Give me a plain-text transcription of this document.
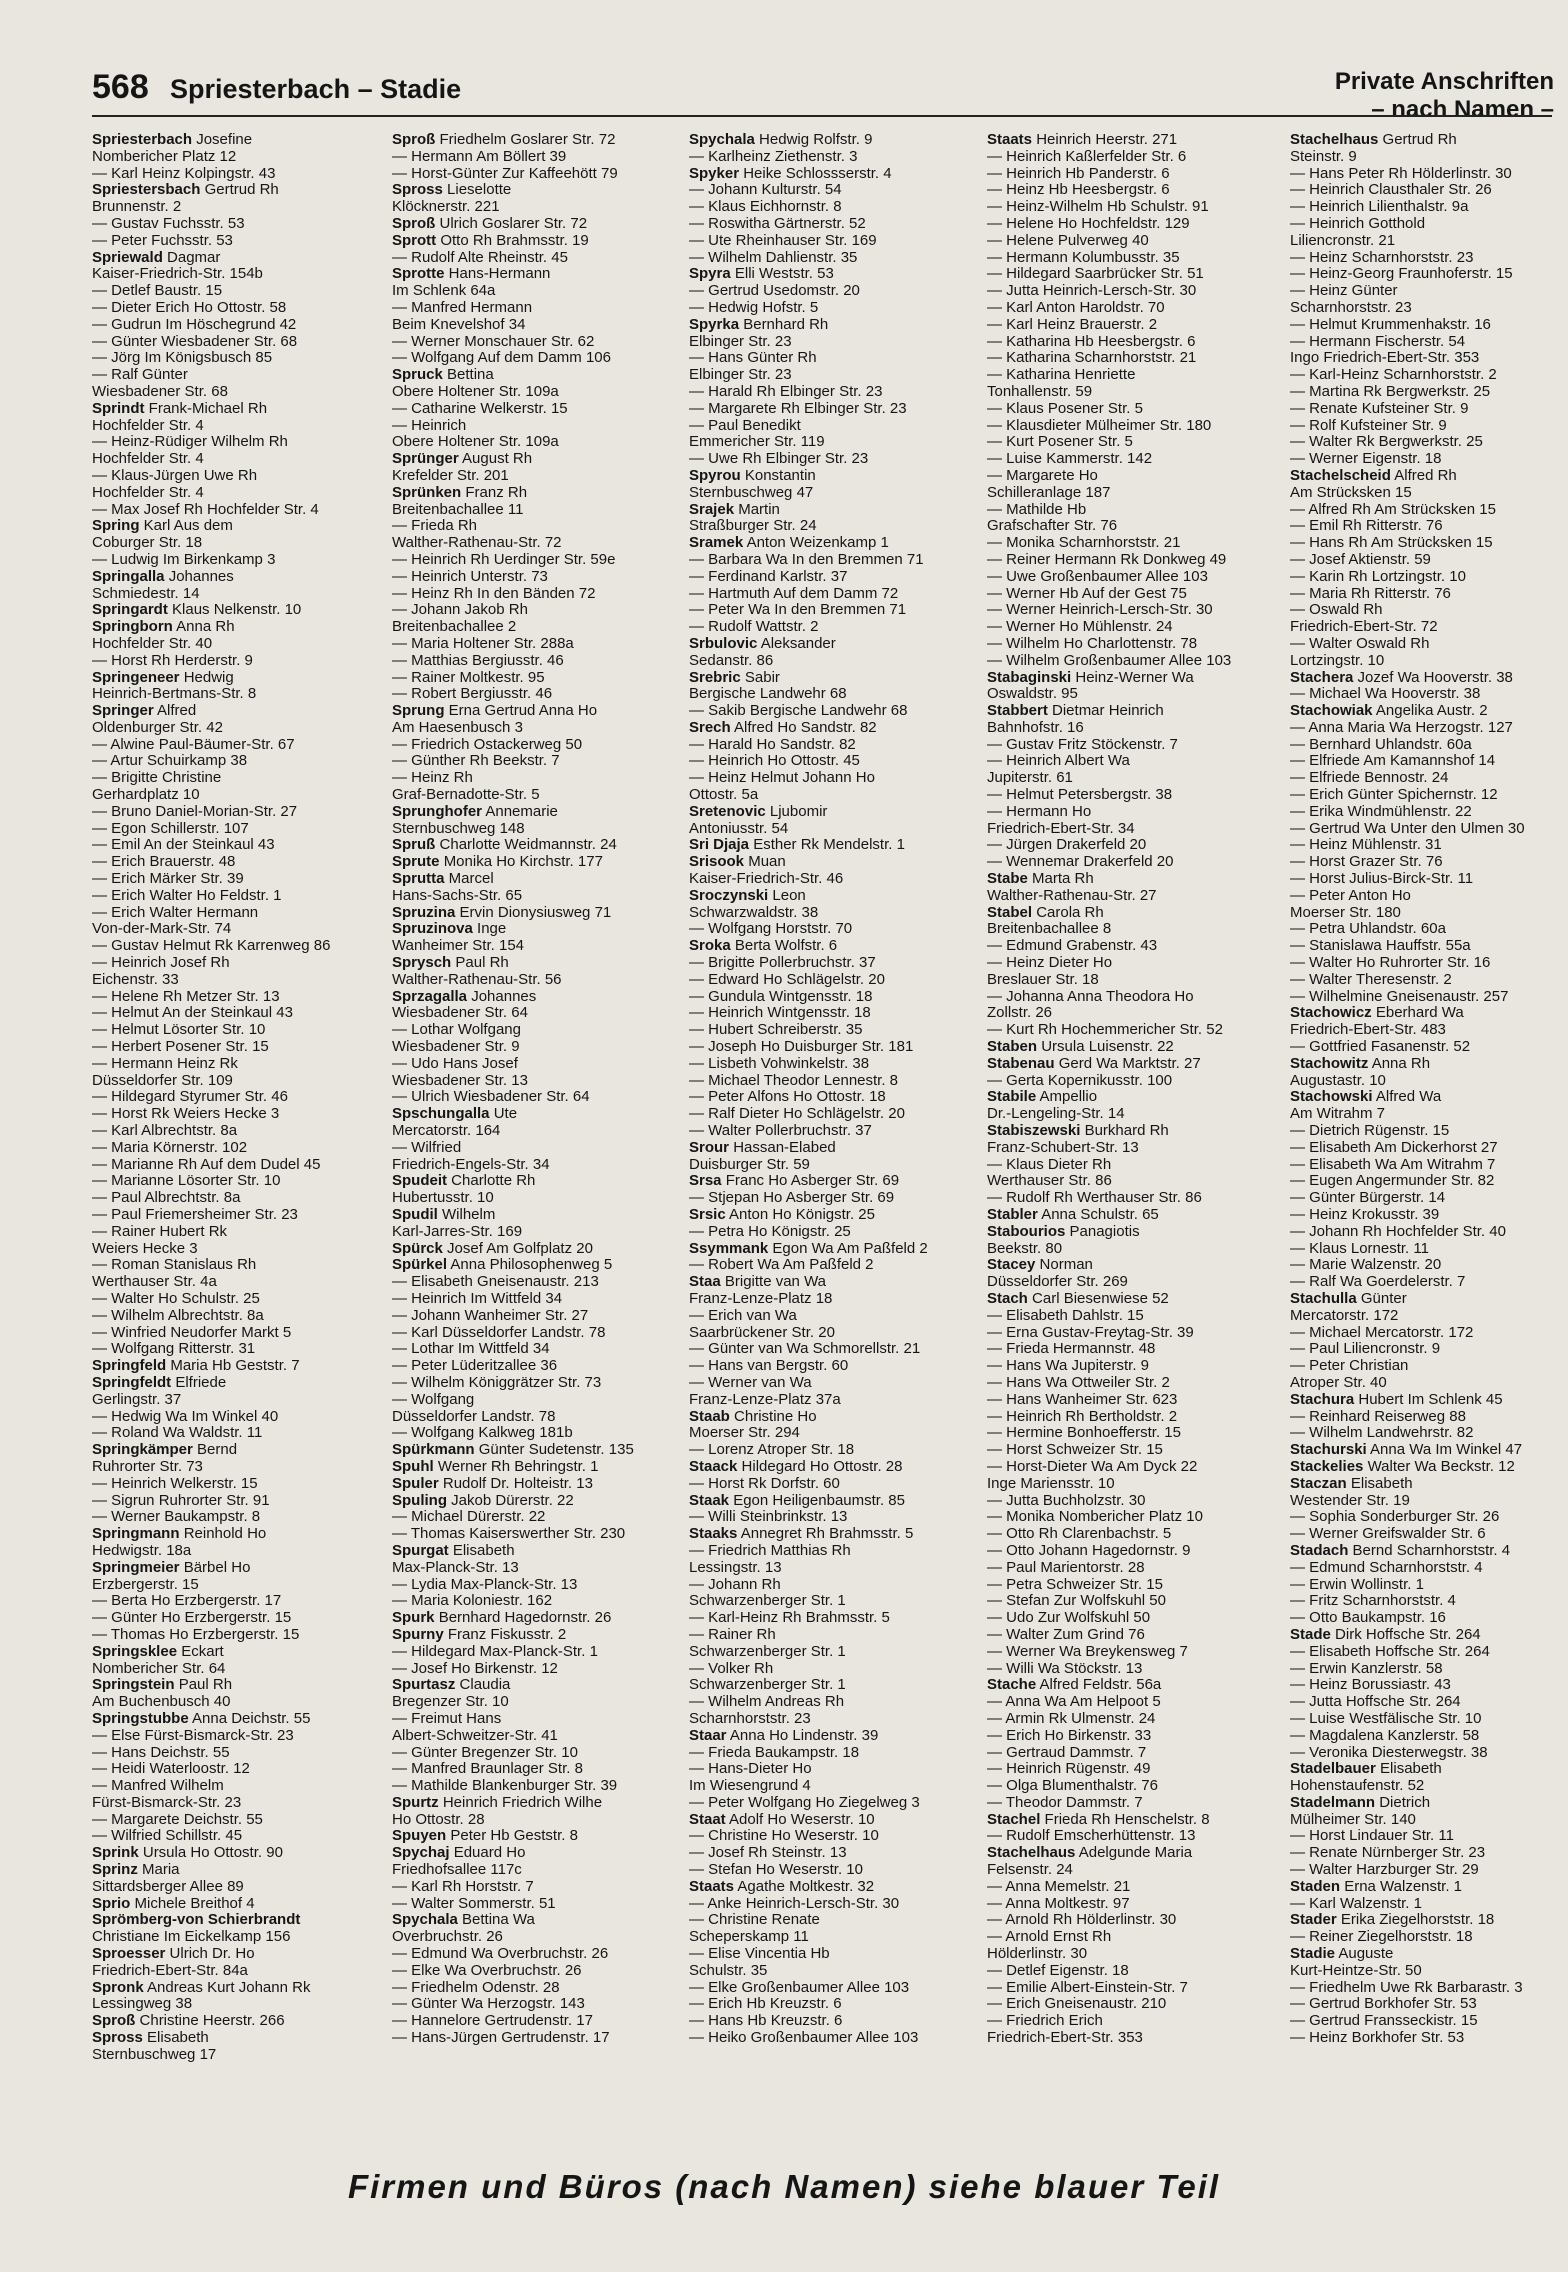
568 Spriesterbach – Stadie	Private Anschriften
– nach Namen –
Spriesterbach Josefine
Nombericher Platz 12
— Karl Heinz Kolpingstr. 43
Spriestersbach Gertrud Rh
Brunnenstr. 2
— Gustav Fuchsstr. 53
— Peter Fuchsstr. 53
Spriewald Dagmar
Kaiser-Friedrich-Str. 154b
— Detlef Baustr. 15
— Dieter Erich Ho Ottostr. 58
— Gudrun Im Höschegrund 42
— Günter Wiesbadener Str. 68
— Jörg Im Königsbusch 85
— Ralf Günter
Wiesbadener Str. 68
Sprindt Frank-Michael Rh
Hochfelder Str. 4
— Heinz-Rüdiger Wilhelm Rh
Hochfelder Str. 4
— Klaus-Jürgen Uwe Rh
Hochfelder Str. 4
— Max Josef Rh Hochfelder Str. 4
Spring Karl Aus dem
Coburger Str. 18
— Ludwig Im Birkenkamp 3
Springalla Johannes
Schmiedestr. 14
Springardt Klaus Nelkenstr. 10
Springborn Anna Rh
Hochfelder Str. 40
— Horst Rh Herderstr. 9
Springeneer Hedwig
Heinrich-Bertmans-Str. 8
Springer Alfred
Oldenburger Str. 42
— Alwine Paul-Bäumer-Str. 67
— Artur Schuirkamp 38
— Brigitte Christine
Gerhardplatz 10
— Bruno Daniel-Morian-Str. 27
— Egon Schillerstr. 107
— Emil An der Steinkaul 43
— Erich Brauerstr. 48
— Erich Märker Str. 39
— Erich Walter Ho Feldstr. 1
— Erich Walter Hermann
Von-der-Mark-Str. 74
— Gustav Helmut Rk Karrenweg 86
— Heinrich Josef Rh
Eichenstr. 33
— Helene Rh Metzer Str. 13
— Helmut An der Steinkaul 43
— Helmut Lösorter Str. 10
— Herbert Posener Str. 15
— Hermann Heinz Rk
Düsseldorfer Str. 109
— Hildegard Styrumer Str. 46
— Horst Rk Weiers Hecke 3
— Karl Albrechtstr. 8a
— Maria Körnerstr. 102
— Marianne Rh Auf dem Dudel 45
— Marianne Lösorter Str. 10
— Paul Albrechtstr. 8a
— Paul Friemersheimer Str. 23
— Rainer Hubert Rk
Weiers Hecke 3
— Roman Stanislaus Rh
Werthauser Str. 4a
— Walter Ho Schulstr. 25
— Wilhelm Albrechtstr. 8a
— Winfried Neudorfer Markt 5
— Wolfgang Ritterstr. 31
Springfeld Maria Hb Geststr. 7
Springfeldt Elfriede
Gerlingstr. 37
— Hedwig Wa Im Winkel 40
— Roland Wa Waldstr. 11
Springkämper Bernd
Ruhrorter Str. 73
— Heinrich Welkerstr. 15
— Sigrun Ruhrorter Str. 91
— Werner Baukampstr. 8
Springmann Reinhold Ho
Hedwigstr. 18a
Springmeier Bärbel Ho
Erzbergerstr. 15
— Berta Ho Erzbergerstr. 17
— Günter Ho Erzbergerstr. 15
— Thomas Ho Erzbergerstr. 15
Springsklee Eckart
Nombericher Str. 64
Springstein Paul Rh
Am Buchenbusch 40
Springstubbe Anna Deichstr. 55
— Else Fürst-Bismarck-Str. 23
— Hans Deichstr. 55
— Heidi Waterloostr. 12
— Manfred Wilhelm
Fürst-Bismarck-Str. 23
— Margarete Deichstr. 55
— Wilfried Schillstr. 45
Sprink Ursula Ho Ottostr. 90
Sprinz Maria
Sittardsberger Allee 89
Sprio Michele Breithof 4
Sprömberg-von Schierbrandt
Christiane Im Eickelkamp 156
Sproesser Ulrich Dr. Ho
Friedrich-Ebert-Str. 84a
Spronk Andreas Kurt Johann Rk
Lessingweg 38
Sproß Christine Heerstr. 266
Spross Elisabeth
Sternbuschweg 17
Sproß Friedhelm Goslarer Str. 72
— Hermann Am Böllert 39
— Horst-Günter Zur Kaffeehött 79
Spross Lieselotte
Klöcknerstr. 221
Sproß Ulrich Goslarer Str. 72
Sprott Otto Rh Brahmsstr. 19
— Rudolf Alte Rheinstr. 45
Sprotte Hans-Hermann
Im Schlenk 64a
— Manfred Hermann
Beim Knevelshof 34
— Werner Monschauer Str. 62
— Wolfgang Auf dem Damm 106
Spruck Bettina
Obere Holtener Str. 109a
— Catharine Welkerstr. 15
— Heinrich
Obere Holtener Str. 109a
Sprünger August Rh
Krefelder Str. 201
Sprünken Franz Rh
Breitenbachallee 11
— Frieda Rh
Walther-Rathenau-Str. 72
— Heinrich Rh Uerdinger Str. 59e
— Heinrich Unterstr. 73
— Heinz Rh In den Bänden 72
— Johann Jakob Rh
Breitenbachallee 2
— Maria Holtener Str. 288a
— Matthias Bergiusstr. 46
— Rainer Moltkestr. 95
— Robert Bergiusstr. 46
Sprung Erna Gertrud Anna Ho
Am Haesenbusch 3
— Friedrich Ostackerweg 50
— Günther Rh Beekstr. 7
— Heinz Rh
Graf-Bernadotte-Str. 5
Sprunghofer Annemarie
Sternbuschweg 148
Spruß Charlotte Weidmannstr. 24
Sprute Monika Ho Kirchstr. 177
Sprutta Marcel
Hans-Sachs-Str. 65
Spruzina Ervin Dionysiusweg 71
Spruzinova Inge
Wanheimer Str. 154
Sprysch Paul Rh
Walther-Rathenau-Str. 56
Sprzagalla Johannes
Wiesbadener Str. 64
— Lothar Wolfgang
Wiesbadener Str. 9
— Udo Hans Josef
Wiesbadener Str. 13
— Ulrich Wiesbadener Str. 64
Spschungalla Ute
Mercatorstr. 164
— Wilfried
Friedrich-Engels-Str. 34
Spudeit Charlotte Rh
Hubertusstr. 10
Spudil Wilhelm
Karl-Jarres-Str. 169
Spürck Josef Am Golfplatz 20
Spürkel Anna Philosophenweg 5
— Elisabeth Gneisenaustr. 213
— Heinrich Im Wittfeld 34
— Johann Wanheimer Str. 27
— Karl Düsseldorfer Landstr. 78
— Lothar Im Wittfeld 34
— Peter Lüderitzallee 36
— Wilhelm Königgrätzer Str. 73
— Wolfgang
Düsseldorfer Landstr. 78
— Wolfgang Kalkweg 181b
Spürkmann Günter Sudetenstr. 135
Spuhl Werner Rh Behringstr. 1
Spuler Rudolf Dr. Holteistr. 13
Spuling Jakob Dürerstr. 22
— Michael Dürerstr. 22
— Thomas Kaiserswerther Str. 230
Spurgat Elisabeth
Max-Planck-Str. 13
— Lydia Max-Planck-Str. 13
— Maria Koloniestr. 162
Spurk Bernhard Hagedornstr. 26
Spurny Franz Fiskusstr. 2
— Hildegard Max-Planck-Str. 1
— Josef Ho Birkenstr. 12
Spurtasz Claudia
Bregenzer Str. 10
— Freimut Hans
Albert-Schweitzer-Str. 41
— Günter Bregenzer Str. 10
— Manfred Braunlager Str. 8
— Mathilde Blankenburger Str. 39
Spurtz Heinrich Friedrich Wilhe
Ho Ottostr. 28
Spuyen Peter Hb Geststr. 8
Spychaj Eduard Ho
Friedhofsallee 117c
— Karl Rh Horststr. 7
— Walter Sommerstr. 51
Spychala Bettina Wa
Overbruchstr. 26
— Edmund Wa Overbruchstr. 26
— Elke Wa Overbruchstr. 26
— Friedhelm Odenstr. 28
— Günter Wa Herzogstr. 143
— Hannelore Gertrudenstr. 17
— Hans-Jürgen Gertrudenstr. 17
Spychala Hedwig Rolfstr. 9
— Karlheinz Ziethenstr. 3
Spyker Heike Schlossserstr. 4
— Johann Kulturstr. 54
— Klaus Eichhornstr. 8
— Roswitha Gärtnerstr. 52
— Ute Rheinhauser Str. 169
— Wilhelm Dahlienstr. 35
Spyra Elli Weststr. 53
— Gertrud Usedomstr. 20
— Hedwig Hofstr. 5
Spyrka Bernhard Rh
Elbinger Str. 23
— Hans Günter Rh
Elbinger Str. 23
— Harald Rh Elbinger Str. 23
— Margarete Rh Elbinger Str. 23
— Paul Benedikt
Emmericher Str. 119
— Uwe Rh Elbinger Str. 23
Spyrou Konstantin
Sternbuschweg 47
Srajek Martin
Straßburger Str. 24
Sramek Anton Weizenkamp 1
— Barbara Wa In den Bremmen 71
— Ferdinand Karlstr. 37
— Hartmuth Auf dem Damm 72
— Peter Wa In den Bremmen 71
— Rudolf Wattstr. 2
Srbulovic Aleksander
Sedanstr. 86
Srebric Sabir
Bergische Landwehr 68
— Sakib Bergische Landwehr 68
Srech Alfred Ho Sandstr. 82
— Harald Ho Sandstr. 82
— Heinrich Ho Ottostr. 45
— Heinz Helmut Johann Ho
Ottostr. 5a
Sretenovic Ljubomir
Antoniusstr. 54
Sri Djaja Esther Rk Mendelstr. 1
Srisook Muan
Kaiser-Friedrich-Str. 46
Sroczynski Leon
Schwarzwaldstr. 38
— Wolfgang Horststr. 70
Sroka Berta Wolfstr. 6
— Brigitte Pollerbruchstr. 37
— Edward Ho Schlägelstr. 20
— Gundula Wintgensstr. 18
— Heinrich Wintgensstr. 18
— Hubert Schreiberstr. 35
— Joseph Ho Duisburger Str. 181
— Lisbeth Vohwinkelstr. 38
— Michael Theodor Lennestr. 8
— Peter Alfons Ho Ottostr. 18
— Ralf Dieter Ho Schlägelstr. 20
— Walter Pollerbruchstr. 37
Srour Hassan-Elabed
Duisburger Str. 59
Srsa Franc Ho Asberger Str. 69
— Stjepan Ho Asberger Str. 69
Srsic Anton Ho Königstr. 25
— Petra Ho Königstr. 25
Ssymmank Egon Wa Am Paßfeld 2
— Robert Wa Am Paßfeld 2
Staa Brigitte van Wa
Franz-Lenze-Platz 18
— Erich van Wa
Saarbrückener Str. 20
— Günter van Wa Schmorellstr. 21
— Hans van Bergstr. 60
— Werner van Wa
Franz-Lenze-Platz 37a
Staab Christine Ho
Moerser Str. 294
— Lorenz Atroper Str. 18
Staack Hildegard Ho Ottostr. 28
— Horst Rk Dorfstr. 60
Staak Egon Heiligenbaumstr. 85
— Willi Steinbrinkstr. 13
Staaks Annegret Rh Brahmsstr. 5
— Friedrich Matthias Rh
Lessingstr. 13
— Johann Rh
Schwarzenberger Str. 1
— Karl-Heinz Rh Brahmsstr. 5
— Rainer Rh
Schwarzenberger Str. 1
— Volker Rh
Schwarzenberger Str. 1
— Wilhelm Andreas Rh
Scharnhorststr. 23
Staar Anna Ho Lindenstr. 39
— Frieda Baukampstr. 18
— Hans-Dieter Ho
Im Wiesengrund 4
— Peter Wolfgang Ho Ziegelweg 3
Staat Adolf Ho Weserstr. 10
— Christine Ho Weserstr. 10
— Josef Rh Steinstr. 13
— Stefan Ho Weserstr. 10
Staats Agathe Moltkestr. 32
— Anke Heinrich-Lersch-Str. 30
— Christine Renate
Scheperskamp 11
— Elise Vincentia Hb
Schulstr. 35
— Elke Großenbaumer Allee 103
— Erich Hb Kreuzstr. 6
— Hans Hb Kreuzstr. 6
— Heiko Großenbaumer Allee 103
Staats Heinrich Heerstr. 271
— Heinrich Kaßlerfelder Str. 6
— Heinrich Hb Panderstr. 6
— Heinz Hb Heesbergstr. 6
— Heinz-Wilhelm Hb Schulstr. 91
— Helene Ho Hochfeldstr. 129
— Helene Pulverweg 40
— Hermann Kolumbusstr. 35
— Hildegard Saarbrücker Str. 51
— Jutta Heinrich-Lersch-Str. 30
— Karl Anton Haroldstr. 70
— Karl Heinz Brauerstr. 2
— Katharina Hb Heesbergstr. 6
— Katharina Scharnhorststr. 21
— Katharina Henriette
Tonhallenstr. 59
— Klaus Posener Str. 5
— Klausdieter Mülheimer Str. 180
— Kurt Posener Str. 5
— Luise Kammerstr. 142
— Margarete Ho
Schilleranlage 187
— Mathilde Hb
Grafschafter Str. 76
— Monika Scharnhorststr. 21
— Reiner Hermann Rk Donkweg 49
— Uwe Großenbaumer Allee 103
— Werner Hb Auf der Gest 75
— Werner Heinrich-Lersch-Str. 30
— Werner Ho Mühlenstr. 24
— Wilhelm Ho Charlottenstr. 78
— Wilhelm Großenbaumer Allee 103
Stabaginski Heinz-Werner Wa
Oswaldstr. 95
Stabbert Dietmar Heinrich
Bahnhofstr. 16
— Gustav Fritz Stöckenstr. 7
— Heinrich Albert Wa
Jupiterstr. 61
— Helmut Petersbergstr. 38
— Hermann Ho
Friedrich-Ebert-Str. 34
— Jürgen Drakerfeld 20
— Wennemar Drakerfeld 20
Stabe Marta Rh
Walther-Rathenau-Str. 27
Stabel Carola Rh
Breitenbachallee 8
— Edmund Grabenstr. 43
— Heinz Dieter Ho
Breslauer Str. 18
— Johanna Anna Theodora Ho
Zollstr. 26
— Kurt Rh Hochemmericher Str. 52
Staben Ursula Luisenstr. 22
Stabenau Gerd Wa Marktstr. 27
— Gerta Kopernikusstr. 100
Stabile Ampellio
Dr.-Lengeling-Str. 14
Stabiszewski Burkhard Rh
Franz-Schubert-Str. 13
— Klaus Dieter Rh
Werthauser Str. 86
— Rudolf Rh Werthauser Str. 86
Stabler Anna Schulstr. 65
Stabourios Panagiotis
Beekstr. 80
Stacey Norman
Düsseldorfer Str. 269
Stach Carl Biesenwiese 52
— Elisabeth Dahlstr. 15
— Erna Gustav-Freytag-Str. 39
— Frieda Hermannstr. 48
— Hans Wa Jupiterstr. 9
— Hans Wa Ottweiler Str. 2
— Hans Wanheimer Str. 623
— Heinrich Rh Bertholdstr. 2
— Hermine Bonhoefferstr. 15
— Horst Schweizer Str. 15
— Horst-Dieter Wa Am Dyck 22
Inge Mariensstr. 10
— Jutta Buchholzstr. 30
— Monika Nombericher Platz 10
— Otto Rh Clarenbachstr. 5
— Otto Johann Hagedornstr. 9
— Paul Marientorstr. 28
— Petra Schweizer Str. 15
— Stefan Zur Wolfskuhl 50
— Udo Zur Wolfskuhl 50
— Walter Zum Grind 76
— Werner Wa Breykensweg 7
— Willi Wa Stöckstr. 13
Stache Alfred Feldstr. 56a
— Anna Wa Am Helpoot 5
— Armin Rk Ulmenstr. 24
— Erich Ho Birkenstr. 33
— Gertraud Dammstr. 7
— Heinrich Rügenstr. 49
— Olga Blumenthalstr. 76
— Theodor Dammstr. 7
Stachel Frieda Rh Henschelstr. 8
— Rudolf Emscherhüttenstr. 13
Stachelhaus Adelgunde Maria
Felsenstr. 24
— Anna Memelstr. 21
— Anna Moltkestr. 97
— Arnold Rh Hölderlinstr. 30
— Arnold Ernst Rh
Hölderlinstr. 30
— Detlef Eigenstr. 18
— Emilie Albert-Einstein-Str. 7
— Erich Gneisenaustr. 210
— Friedrich Erich
Friedrich-Ebert-Str. 353
Stachelhaus Gertrud Rh
Steinstr. 9
— Hans Peter Rh Hölderlinstr. 30
— Heinrich Clausthaler Str. 26
— Heinrich Lilienthalstr. 9a
— Heinrich Gotthold
Liliencronstr. 21
— Heinz Scharnhorststr. 23
— Heinz-Georg Fraunhoferstr. 15
— Heinz Günter
Scharnhorststr. 23
— Helmut Krummenhakstr. 16
— Hermann Fischerstr. 54
Ingo Friedrich-Ebert-Str. 353
— Karl-Heinz Scharnhorststr. 2
— Martina Rk Bergwerkstr. 25
— Renate Kufsteiner Str. 9
— Rolf Kufsteiner Str. 9
— Walter Rk Bergwerkstr. 25
— Werner Eigenstr. 18
Stachelscheid Alfred Rh
Am Strücksken 15
— Alfred Rh Am Strücksken 15
— Emil Rh Ritterstr. 76
— Hans Rh Am Strücksken 15
— Josef Aktienstr. 59
— Karin Rh Lortzingstr. 10
— Maria Rh Ritterstr. 76
— Oswald Rh
Friedrich-Ebert-Str. 72
— Walter Oswald Rh
Lortzingstr. 10
Stachera Jozef Wa Hooverstr. 38
— Michael Wa Hooverstr. 38
Stachowiak Angelika Austr. 2
— Anna Maria Wa Herzogstr. 127
— Bernhard Uhlandstr. 60a
— Elfriede Am Kamannshof 14
— Elfriede Bennostr. 24
— Erich Günter Spichernstr. 12
— Erika Windmühlenstr. 22
— Gertrud Wa Unter den Ulmen 30
— Heinz Mühlenstr. 31
— Horst Grazer Str. 76
— Horst Julius-Birck-Str. 11
— Peter Anton Ho
Moerser Str. 180
— Petra Uhlandstr. 60a
— Stanislawa Hauffstr. 55a
— Walter Ho Ruhrorter Str. 16
— Walter Theresenstr. 2
— Wilhelmine Gneisenaustr. 257
Stachowicz Eberhard Wa
Friedrich-Ebert-Str. 483
— Gottfried Fasanenstr. 52
Stachowitz Anna Rh
Augustastr. 10
Stachowski Alfred Wa
Am Witrahm 7
— Dietrich Rügenstr. 15
— Elisabeth Am Dickerhorst 27
— Elisabeth Wa Am Witrahm 7
— Eugen Angermunder Str. 82
— Günter Bürgerstr. 14
— Heinz Krokusstr. 39
— Johann Rh Hochfelder Str. 40
— Klaus Lornestr. 11
— Marie Walzenstr. 20
— Ralf Wa Goerdelerstr. 7
Stachulla Günter
Mercatorstr. 172
— Michael Mercatorstr. 172
— Paul Liliencronstr. 9
— Peter Christian
Atroper Str. 40
Stachura Hubert Im Schlenk 45
— Reinhard Reiserweg 88
— Wilhelm Landwehrstr. 82
Stachurski Anna Wa Im Winkel 47
Stackelies Walter Wa Beckstr. 12
Staczan Elisabeth
Westender Str. 19
— Sophia Sonderburger Str. 26
— Werner Greifswalder Str. 6
Stadach Bernd Scharnhorststr. 4
— Edmund Scharnhorststr. 4
— Erwin Wollinstr. 1
— Fritz Scharnhorststr. 4
— Otto Baukampstr. 16
Stade Dirk Hoffsche Str. 264
— Elisabeth Hoffsche Str. 264
— Erwin Kanzlerstr. 58
— Heinz Borussiastr. 43
— Jutta Hoffsche Str. 264
— Luise Westfälische Str. 10
— Magdalena Kanzlerstr. 58
— Veronika Diesterwegstr. 38
Stadelbauer Elisabeth
Hohenstaufenstr. 52
Stadelmann Dietrich
Mülheimer Str. 140
— Horst Lindauer Str. 11
— Renate Nürnberger Str. 23
— Walter Harzburger Str. 29
Staden Erna Walzenstr. 1
— Karl Walzenstr. 1
Stader Erika Ziegelhorststr. 18
— Reiner Ziegelhorststr. 18
Stadie Auguste
Kurt-Heintze-Str. 50
— Friedhelm Uwe Rk Barbarastr. 3
— Gertrud Borkhofer Str. 53
— Gertrud Fransseckistr. 15
— Heinz Borkhofer Str. 53
Firmen und Büros (nach Namen) siehe blauer Teil
